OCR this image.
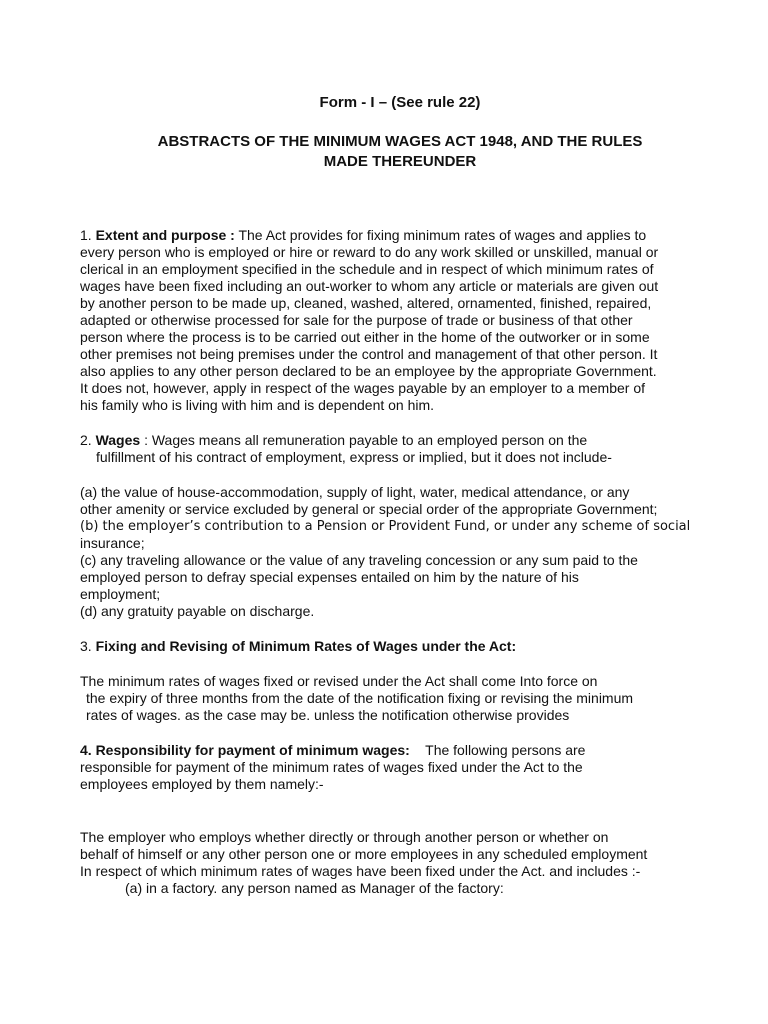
Form - I – (See rule 22)
ABSTRACTS OF THE MINIMUM WAGES ACT 1948, AND THE RULES
MADE THEREUNDER

1. Extent and purpose : The Act provides for fixing minimum rates of wages and applies to

every person who is employed or hire or reward to do any work skilled or unskilled, manual or

clerical in an employment specified in the schedule and in respect of which minimum rates of

wages have been fixed including an out-worker to whom any article or materials are given out

by another person to be made up, cleaned, washed, altered, ornamented, finished, repaired,

adapted or otherwise processed for sale for the purpose of trade or business of that other

person where the process is to be carried out either in the home of the outworker or in some

other premises not being premises under the control and management of that other person. It

also applies to any other person declared to be an employee by the appropriate Government.

It does not, however, apply in respect of the wages payable by an employer to a member of

his family who is living with him and is dependent on him.

2. Wages : Wages means all remuneration payable to an employed person on the

fulfillment of his contract of employment, express or implied, but it does not include-

(a) the value of house-accommodation, supply of light, water, medical attendance, or any

other amenity or service excluded by general or special order of the appropriate Government;

(b) the employer’s contribution to a Pension or Provident Fund, or under any scheme of social

insurance;

(c) any traveling allowance or the value of any traveling concession or any sum paid to the

employed person to defray special expenses entailed on him by the nature of his

employment;

(d) any gratuity payable on discharge.

3. Fixing and Revising of Minimum Rates of Wages under the Act:

The minimum rates of wages fixed or revised under the Act shall come Into force on

the expiry of three months from the date of the notification fixing or revising the minimum

rates of wages. as the case may be. unless the notification otherwise provides

4. Responsibility for payment of minimum wages:    The following persons are

responsible for payment of the minimum rates of wages fixed under the Act to the

employees employed by them namely:-

The employer who employs whether directly or through another person or whether on

behalf of himself or any other person one or more employees in any scheduled employment

In respect of which minimum rates of wages have been fixed under the Act. and includes :-

(a) in a factory. any person named as Manager of the factory:
